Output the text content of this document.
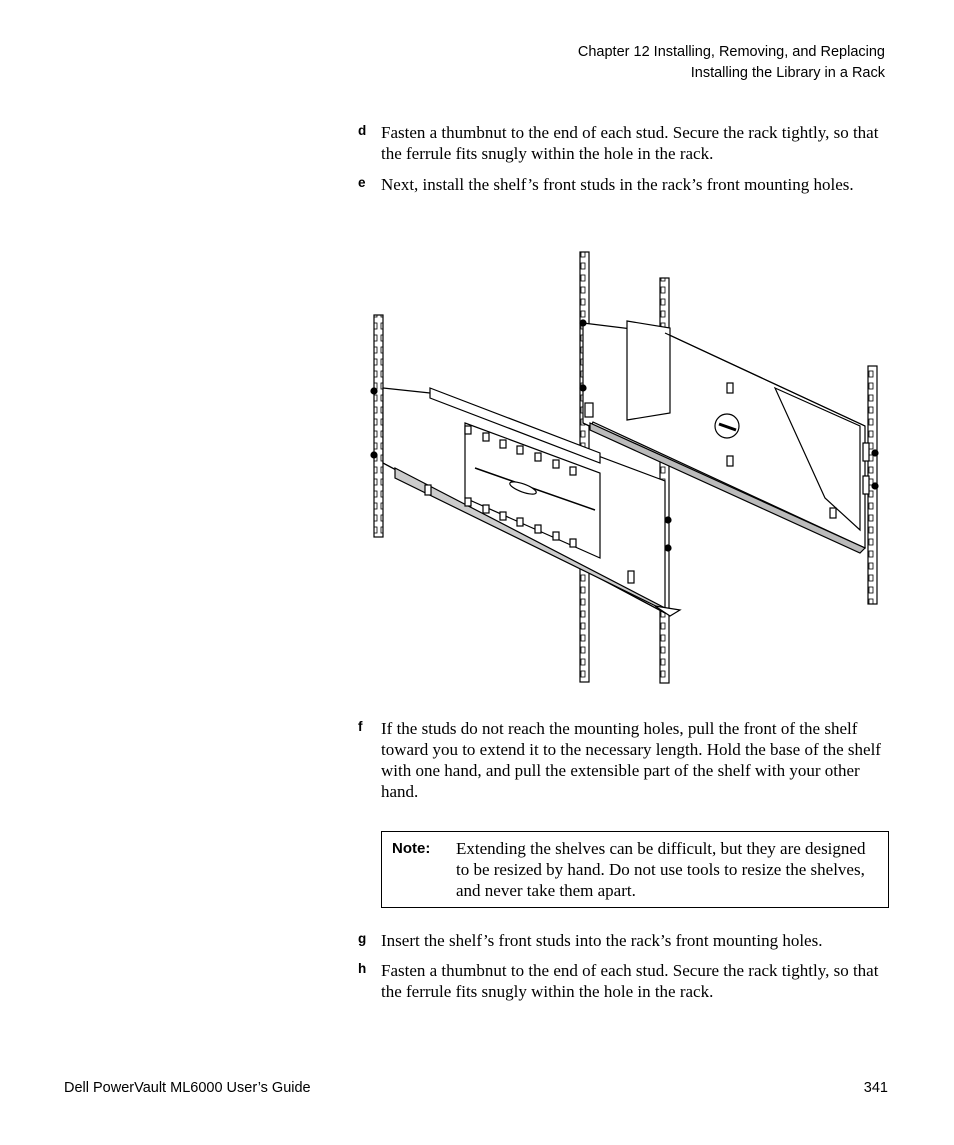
Chapter 12 Installing, Removing, and Replacing
Installing the Library in a Rack
d Fasten a thumbnut to the end of each stud. Secure the rack tightly, so that the ferrule fits snugly within the hole in the rack.
e Next, install the shelf’s front studs in the rack’s front mounting holes.
f If the studs do not reach the mounting holes, pull the front of the shelf toward you to extend it to the necessary length. Hold the base of the shelf with one hand, and pull the extensible part of the shelf with your other hand.
Note: Extending the shelves can be difficult, but they are designed to be resized by hand. Do not use tools to resize the shelves, and never take them apart.
g Insert the shelf’s front studs into the rack’s front mounting holes.
h Fasten a thumbnut to the end of each stud. Secure the rack tightly, so that the ferrule fits snugly within the hole in the rack.
Dell PowerVault ML6000 User’s Guide	341
